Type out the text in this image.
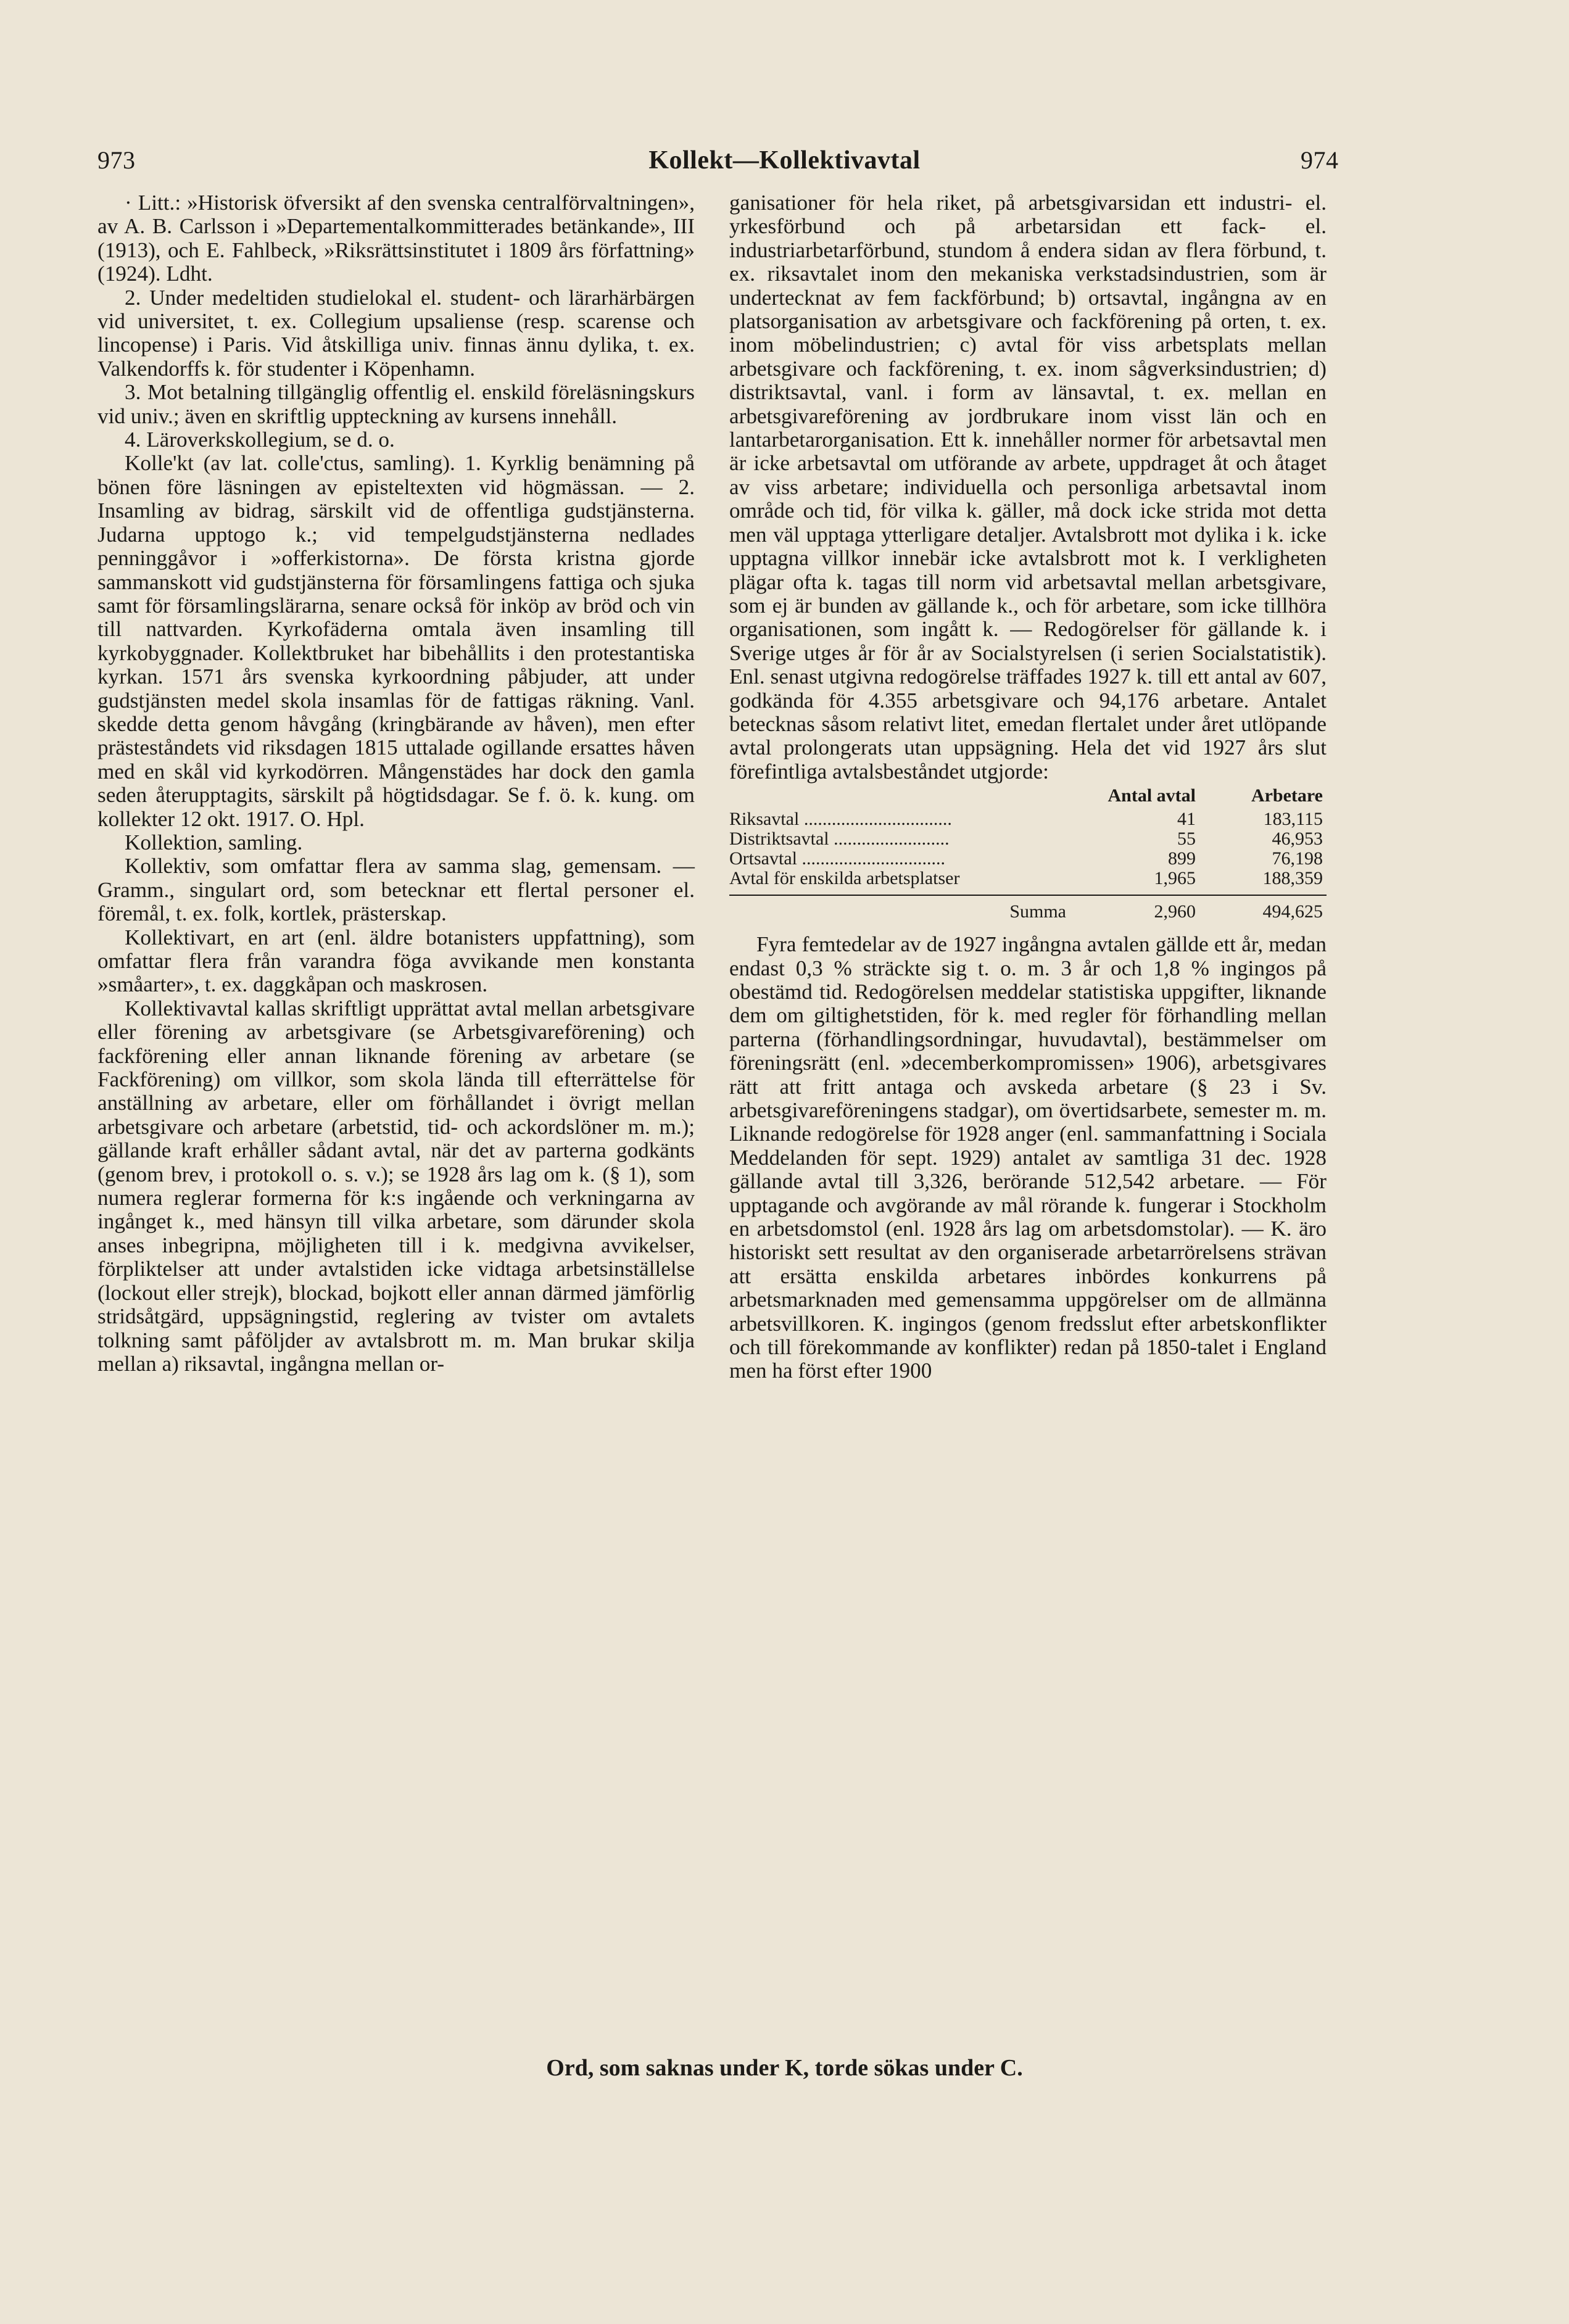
973	Kollekt—Kollektivavtal	974

· Litt.: »Historisk öfversikt af den svenska centralförvaltningen», av A. B. Carlsson i »Departementalkommitterades betänkande», III (1913), och E. Fahlbeck, »Riksrättsinstitutet i 1809 års författning» (1924). Ldht.

2. Under medeltiden studielokal el. student- och lärarhärbärgen vid universitet, t. ex. Collegium upsaliense (resp. scarense och lincopense) i Paris. Vid åtskilliga univ. finnas ännu dylika, t. ex. Valkendorffs k. för studenter i Köpenhamn.

3. Mot betalning tillgänglig offentlig el. enskild föreläsningskurs vid univ.; även en skriftlig uppteckning av kursens innehåll.

4. Läroverkskollegium, se d. o.

Kolle'kt (av lat. colle'ctus, samling). 1. Kyrklig benämning på bönen före läsningen av episteltexten vid högmässan. — 2. Insamling av bidrag, särskilt vid de offentliga gudstjänsterna. Judarna upptogo k.; vid tempelgudstjänsterna nedlades penninggåvor i »offerkistorna». De första kristna gjorde sammanskott vid gudstjänsterna för församlingens fattiga och sjuka samt för församlingslärarna, senare också för inköp av bröd och vin till nattvarden. Kyrkofäderna omtala även insamling till kyrkobyggnader. Kollektbruket har bibehållits i den protestantiska kyrkan. 1571 års svenska kyrkoordning påbjuder, att under gudstjänsten medel skola insamlas för de fattigas räkning. Vanl. skedde detta genom håvgång (kringbärande av håven), men efter prästeståndets vid riksdagen 1815 uttalade ogillande ersattes håven med en skål vid kyrkodörren. Mångenstädes har dock den gamla seden återupptagits, särskilt på högtidsdagar. Se f. ö. k. kung. om kollekter 12 okt. 1917. O. Hpl.

Kollektion, samling.

Kollektiv, som omfattar flera av samma slag, gemensam. — Gramm., singulart ord, som betecknar ett flertal personer el. föremål, t. ex. folk, kortlek, prästerskap.

Kollektivart, en art (enl. äldre botanisters uppfattning), som omfattar flera från varandra föga avvikande men konstanta »småarter», t. ex. daggkåpan och maskrosen.

Kollektivavtal kallas skriftligt upprättat avtal mellan arbetsgivare eller förening av arbetsgivare (se Arbetsgivareförening) och fackförening eller annan liknande förening av arbetare (se Fackförening) om villkor, som skola lända till efterrättelse för anställning av arbetare, eller om förhållandet i övrigt mellan arbetsgivare och arbetare (arbetstid, tid- och ackordslöner m. m.); gällande kraft erhåller sådant avtal, när det av parterna godkänts (genom brev, i protokoll o. s. v.); se 1928 års lag om k. (§ 1), som numera reglerar formerna för k:s ingående och verkningarna av ingånget k., med hänsyn till vilka arbetare, som därunder skola anses inbegripna, möjligheten till i k. medgivna avvikelser, förpliktelser att under avtalstiden icke vidtaga arbetsinställelse (lockout eller strejk), blockad, bojkott eller annan därmed jämförlig stridsåtgärd, uppsägningstid, reglering av tvister om avtalets tolkning samt påföljder av avtalsbrott m. m. Man brukar skilja mellan a) riksavtal, ingångna mellan or-

ganisationer för hela riket, på arbetsgivarsidan ett industri- el. yrkesförbund och på arbetarsidan ett fack- el. industriarbetarförbund, stundom å endera sidan av flera förbund, t. ex. riksavtalet inom den mekaniska verkstadsindustrien, som är undertecknat av fem fackförbund; b) ortsavtal, ingångna av en platsorganisation av arbetsgivare och fackförening på orten, t. ex. inom möbelindustrien; c) avtal för viss arbetsplats mellan arbetsgivare och fackförening, t. ex. inom sågverksindustrien; d) distriktsavtal, vanl. i form av länsavtal, t. ex. mellan en arbetsgivareförening av jordbrukare inom visst län och en lantarbetarorganisation. Ett k. innehåller normer för arbetsavtal men är icke arbetsavtal om utförande av arbete, uppdraget åt och åtaget av viss arbetare; individuella och personliga arbetsavtal inom område och tid, för vilka k. gäller, må dock icke strida mot detta men väl upptaga ytterligare detaljer. Avtalsbrott mot dylika i k. icke upptagna villkor innebär icke avtalsbrott mot k. I verkligheten plägar ofta k. tagas till norm vid arbetsavtal mellan arbetsgivare, som ej är bunden av gällande k., och för arbetare, som icke tillhöra organisationen, som ingått k. — Redogörelser för gällande k. i Sverige utges år för år av Socialstyrelsen (i serien Socialstatistik). Enl. senast utgivna redogörelse träffades 1927 k. till ett antal av 607, godkända för 4.355 arbetsgivare och 94,176 arbetare. Antalet betecknas såsom relativt litet, emedan flertalet under året utlöpande avtal prolongerats utan uppsägning. Hela det vid 1927 års slut förefintliga avtalsbeståndet utgjorde:

	Antal avtal	Arbetare
Riksavtal ................................	41	183,115
Distriktsavtal .........................	55	46,953
Ortsavtal ...............................	899	76,198
Avtal för enskilda arbetsplatser	1,965	188,359
Summa	2,960	494,625

Fyra femtedelar av de 1927 ingångna avtalen gällde ett år, medan endast 0,3 % sträckte sig t. o. m. 3 år och 1,8 % ingingos på obestämd tid. Redogörelsen meddelar statistiska uppgifter, liknande dem om giltighetstiden, för k. med regler för förhandling mellan parterna (förhandlingsordningar, huvudavtal), bestämmelser om föreningsrätt (enl. »decemberkompromissen» 1906), arbetsgivares rätt att fritt antaga och avskeda arbetare (§ 23 i Sv. arbetsgivareföreningens stadgar), om övertidsarbete, semester m. m. Liknande redogörelse för 1928 anger (enl. sammanfattning i Sociala Meddelanden för sept. 1929) antalet av samtliga 31 dec. 1928 gällande avtal till 3,326, berörande 512,542 arbetare. — För upptagande och avgörande av mål rörande k. fungerar i Stockholm en arbetsdomstol (enl. 1928 års lag om arbetsdomstolar). — K. äro historiskt sett resultat av den organiserade arbetarrörelsens strävan att ersätta enskilda arbetares inbördes konkurrens på arbetsmarknaden med gemensamma uppgörelser om de allmänna arbetsvillkoren. K. ingingos (genom fredsslut efter arbetskonflikter och till förekommande av konflikter) redan på 1850-talet i England men ha först efter 1900

Ord, som saknas under K, torde sökas under C.
